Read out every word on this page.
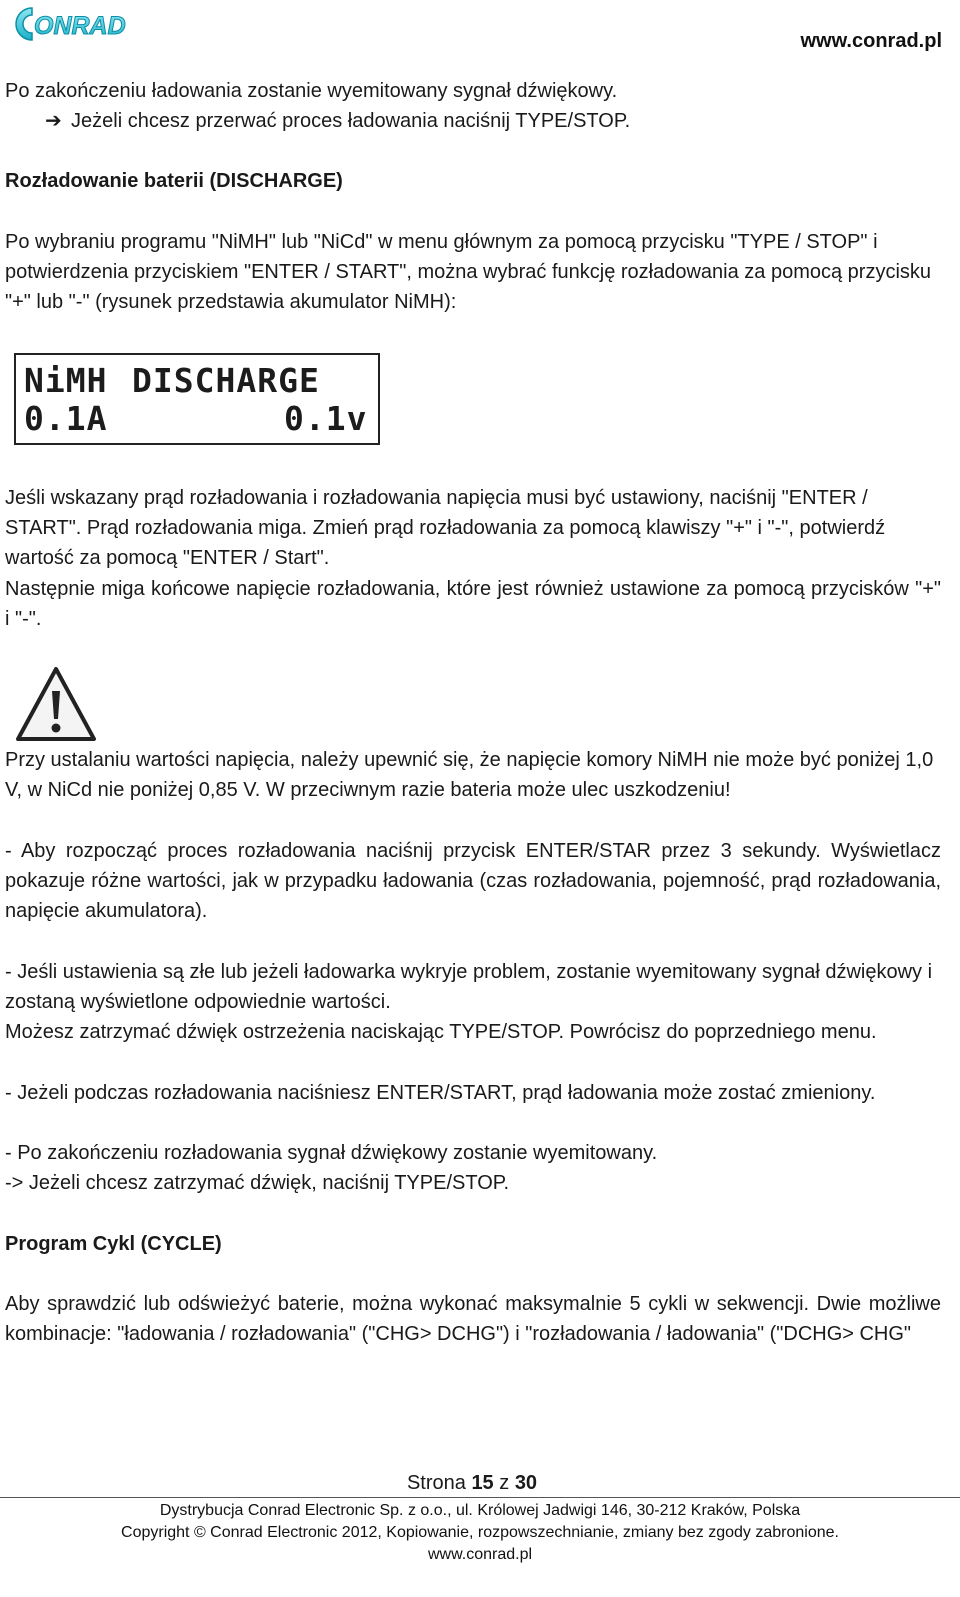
ONRAD
www.conrad.pl

Po zakończeniu ładowania zostanie wyemitowany sygnał dźwiękowy.

➔ Jeżeli chcesz przerwać proces ładowania naciśnij TYPE/STOP.

Rozładowanie baterii (DISCHARGE)

Po wybraniu programu "NiMH" lub "NiCd" w menu głównym za pomocą przycisku "TYPE / STOP" i potwierdzenia przyciskiem "ENTER / START", można wybrać funkcję rozładowania za pomocą przycisku "+" lub "-" (rysunek przedstawia akumulator NiMH):

NiMH DISCHARGE
0.1A	0.1v

Jeśli wskazany prąd rozładowania i rozładowania napięcia musi być ustawiony, naciśnij "ENTER / START". Prąd rozładowania miga. Zmień prąd rozładowania za pomocą klawiszy "+" i "-", potwierdź wartość za pomocą "ENTER / Start".

Następnie miga końcowe napięcie rozładowania, które jest również ustawione za pomocą przycisków "+" i "-".

Przy ustalaniu wartości napięcia, należy upewnić się, że napięcie komory NiMH nie może być poniżej 1,0 V, w NiCd nie poniżej 0,85 V. W przeciwnym razie bateria może ulec uszkodzeniu!

- Aby rozpocząć proces rozładowania naciśnij przycisk ENTER/STAR przez 3 sekundy. Wyświetlacz pokazuje różne wartości, jak w przypadku ładowania (czas rozładowania, pojemność, prąd rozładowania, napięcie akumulatora).

- Jeśli ustawienia są złe lub jeżeli ładowarka wykryje problem, zostanie wyemitowany sygnał dźwiękowy i zostaną wyświetlone odpowiednie wartości.

Możesz zatrzymać dźwięk ostrzeżenia naciskając TYPE/STOP. Powrócisz do poprzedniego menu.

- Jeżeli podczas rozładowania naciśniesz ENTER/START, prąd ładowania może zostać zmieniony.

- Po zakończeniu rozładowania sygnał dźwiękowy zostanie wyemitowany.

-> Jeżeli chcesz zatrzymać dźwięk, naciśnij TYPE/STOP.

Program Cykl (CYCLE)

Aby sprawdzić lub odświeżyć baterie, można wykonać maksymalnie 5 cykli w sekwencji. Dwie możliwe kombinacje: "ładowania / rozładowania" ("CHG> DCHG") i "rozładowania / ładowania" ("DCHG> CHG"

Strona 15 z 30
Dystrybucja Conrad Electronic Sp. z o.o., ul. Królowej Jadwigi 146, 30-212 Kraków, Polska
Copyright © Conrad Electronic 2012, Kopiowanie, rozpowszechnianie, zmiany bez zgody zabronione.
www.conrad.pl
